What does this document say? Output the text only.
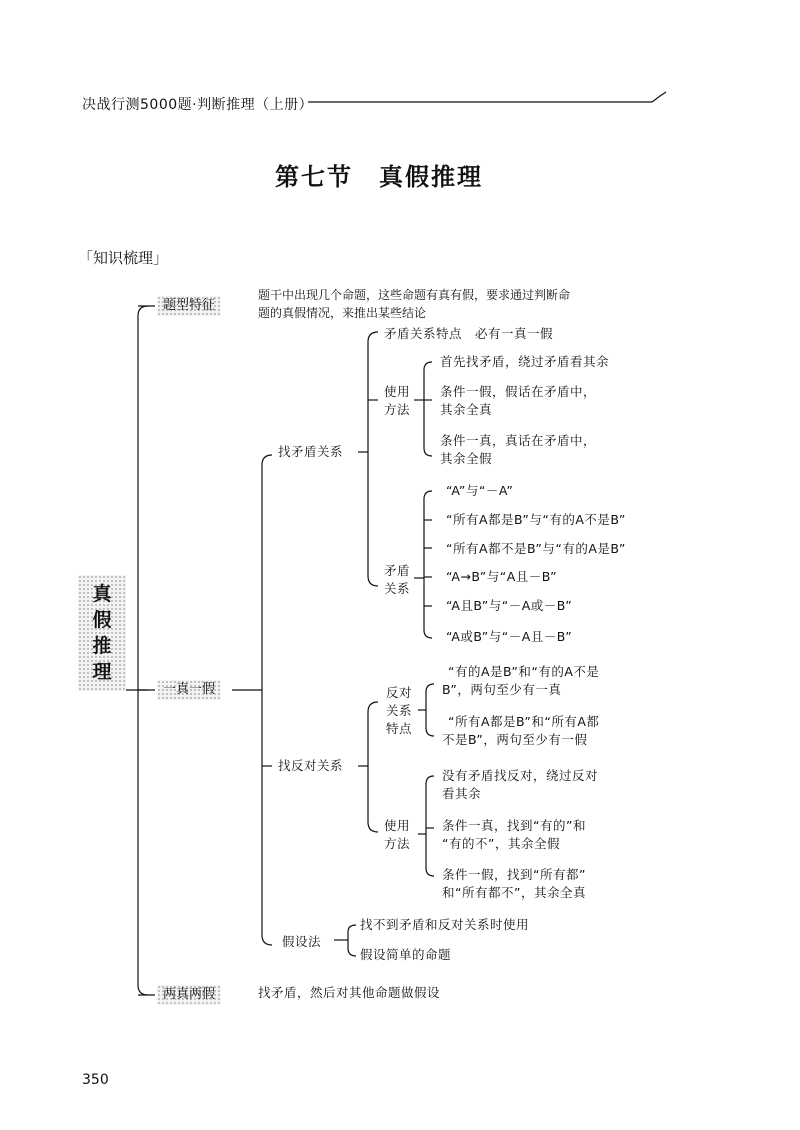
决战行测5000题·判断推理（上册）
第七节　真假推理
「知识梳理」
真
假
推
理
题型特征
题干中出现几个命题，这些命题有真有假，要求通过判断命
题的真假情况，来推出某些结论
一真一假
找矛盾关系
矛盾关系特点　必有一真一假
使用
方法
首先找矛盾，绕过矛盾看其余
条件一假，假话在矛盾中，
其余全真
条件一真，真话在矛盾中，
其余全假
矛盾
关系
“A”与“－A”
“所有A都是B”与“有的A不是B”
“所有A都不是B”与“有的A是B”
“A→B”与“A且－B”
“A且B”与“－A或－B”
“A或B”与“－A且－B”
找反对关系
反对
关系
特点
“有的A是B”和“有的A不是
B”，两句至少有一真
“所有A都是B”和“所有A都
不是B”，两句至少有一假
使用
方法
没有矛盾找反对，绕过反对
看其余
条件一真，找到“有的”和
“有的不”，其余全假
条件一假，找到“所有都”
和“所有都不”，其余全真
假设法
找不到矛盾和反对关系时使用
假设简单的命题
两真两假	找矛盾，然后对其他命题做假设
350
